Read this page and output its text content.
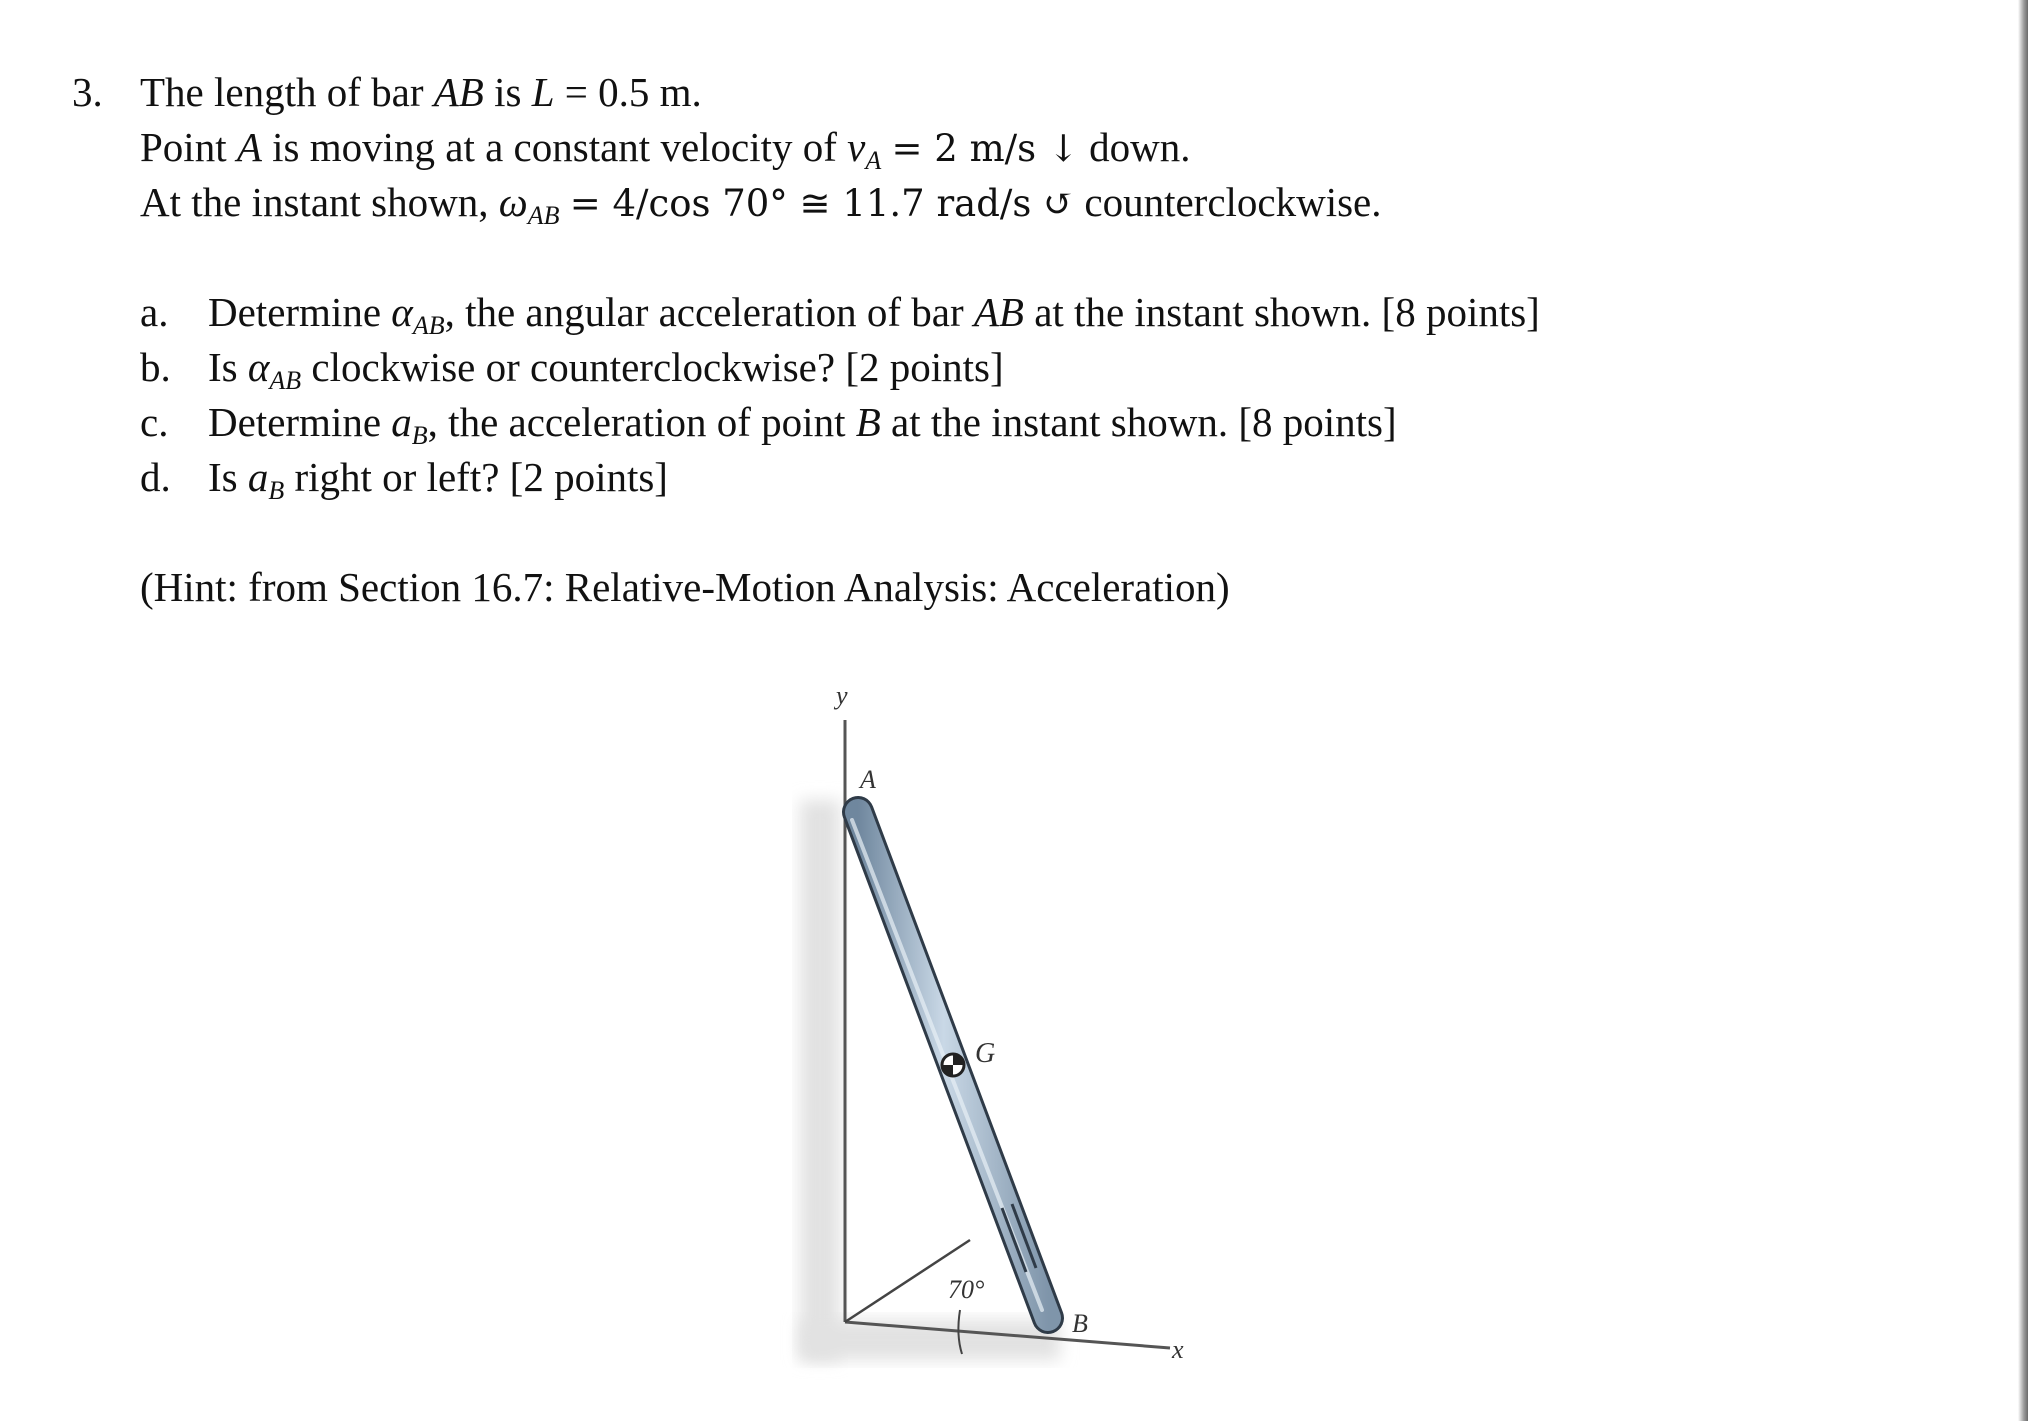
3. The length of bar AB is L = 0.5 m.
Point A is moving at a constant velocity of $v_A = 2$ m/s ↓ down.
At the instant shown, $\omega_{AB} = 4/\cos$ 70° ≅ 11.7 rad/s ↺ counterclockwise.
a. Determine $\alpha_{AB}$, the angular acceleration of bar AB at the instant shown. [8 points]
b. Is $\alpha_{AB}$ clockwise or counterclockwise? [2 points]
c. Determine $a_B$, the acceleration of point B at the instant shown. [8 points]
d. Is $a_B$ right or left? [2 points]
(Hint: from Section 16.7: Relative-Motion Analysis: Acceleration)
y
x
70°
A
G
B
